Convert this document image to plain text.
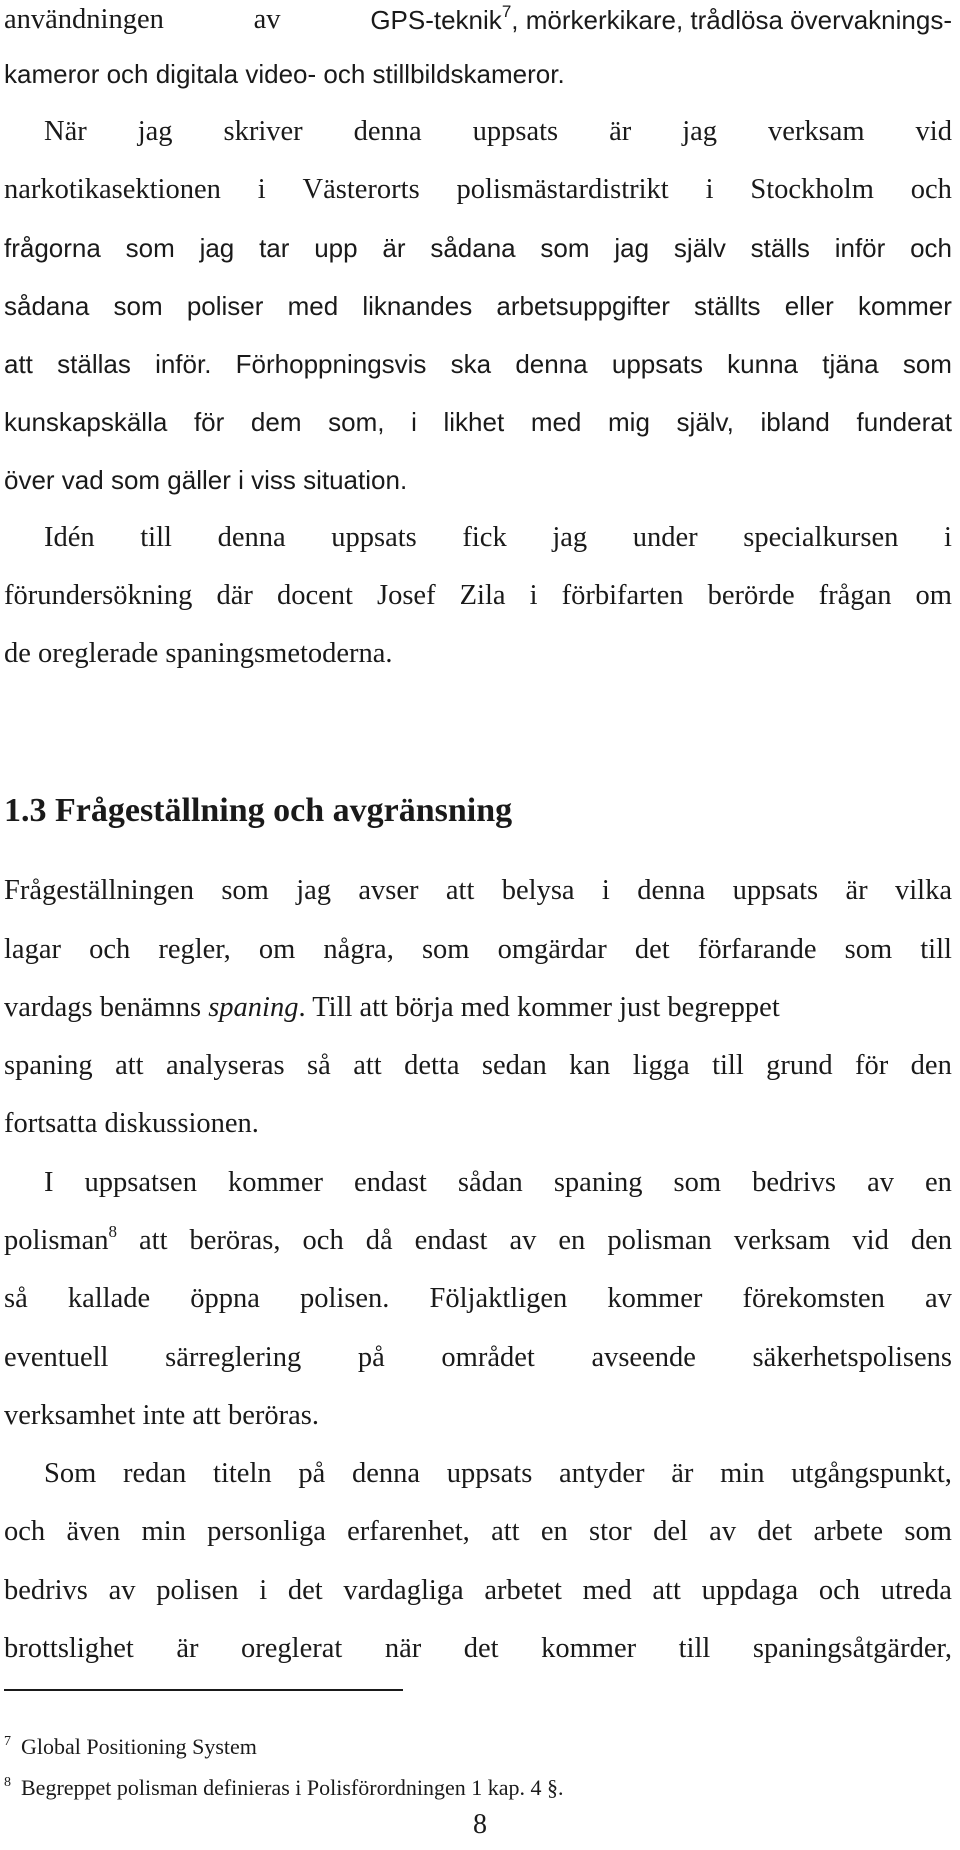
användningen	av	GPS-teknik$^7$, mörkerkikare, trådlösa övervaknings-
kameror och digitala video- och stillbildskameror.
När jag skriver denna uppsats är jag verksam vid
narkotikasektionen i Västerorts polismästardistrikt i Stockholm och
frågorna som jag tar upp är sådana som jag själv ställs inför och
sådana som poliser med liknandes arbetsuppgifter ställts eller kommer
att ställas inför. Förhoppningsvis ska denna uppsats kunna tjäna som
kunskapskälla för dem som, i likhet med mig själv, ibland funderat
över vad som gäller i viss situation.
Idén till denna uppsats fick jag under specialkursen i
förundersökning där docent Josef Zila i förbifarten berörde frågan om
de oreglerade spaningsmetoderna.
1.3 Frågeställning och avgränsning
Frågeställningen som jag avser att belysa i denna uppsats är vilka
lagar och regler, om några, som omgärdar det förfarande som till
vardags benämns spaning. Till att börja med kommer just begreppet
spaning att analyseras så att detta sedan kan ligga till grund för den
fortsatta diskussionen.
I uppsatsen kommer endast sådan spaning som bedrivs av en
polisman$^8$ att beröras, och då endast av en polisman verksam vid den
så kallade öppna polisen. Följaktligen kommer förekomsten av
eventuell särreglering på området avseende säkerhetspolisens
verksamhet inte att beröras.
Som redan titeln på denna uppsats antyder är min utgångspunkt,
och även min personliga erfarenhet, att en stor del av det arbete som
bedrivs av polisen i det vardagliga arbetet med att uppdaga och utreda
brottslighet är oreglerat när det kommer till spaningsåtgärder,
$^7$ Global Positioning System
$^8$ Begreppet polisman definieras i Polisförordningen 1 kap. 4 §.
8
